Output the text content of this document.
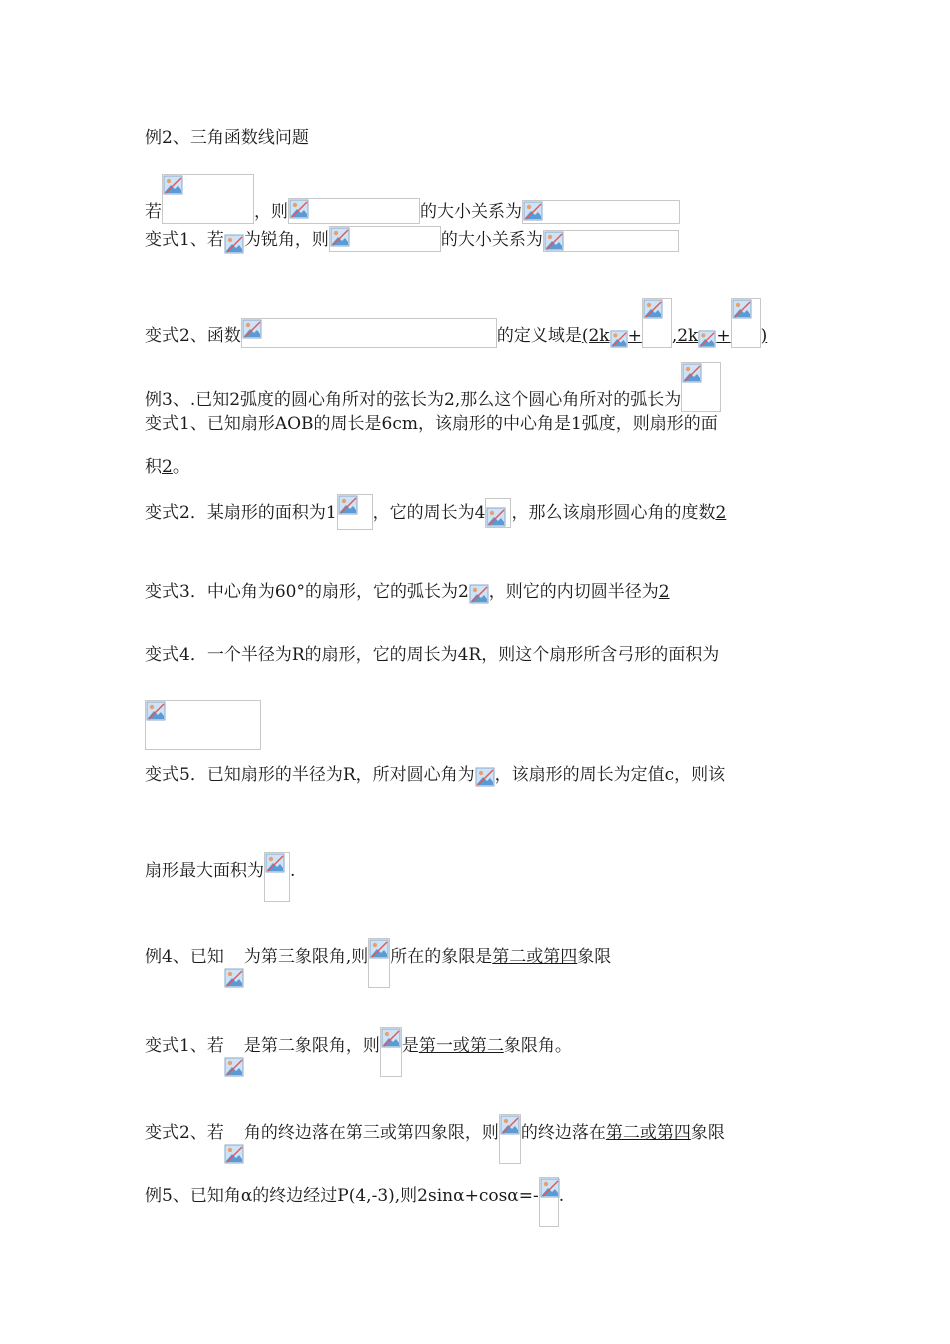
例2、三角函数线问题
若	，则	的大小关系为
变式1、若 为锐角，则	的大小关系为
变式2、函数	的定义域是(2k + ,2k + )
例3、.已知2弧度的圆心角所对的弦长为2,那么这个圆心角所对的弧长为
变式1、已知扇形AOB的周长是6cm，该扇形的中心角是1弧度，则扇形的面
积2。
变式2．某扇形的面积为1 ，它的周长为4 ，那么该扇形圆心角的度数2
变式3．中心角为60°的扇形，它的弧长为2 ，则它的内切圆半径为2
变式4．一个半径为R的扇形，它的周长为4R，则这个扇形所含弓形的面积为
变式5．已知扇形的半径为R，所对圆心角为 ，该扇形的周长为定值c，则该
扇形最大面积为 .
例4、已知 为第三象限角,则 所在的象限是第二或第四象限
变式1、若 是第二象限角，则 是第一或第二象限角。
变式2、若 角的终边落在第三或第四象限，则 的终边落在第二或第四象限
例5、已知角α的终边经过P(4,-3),则2sinα+cosα=- .
